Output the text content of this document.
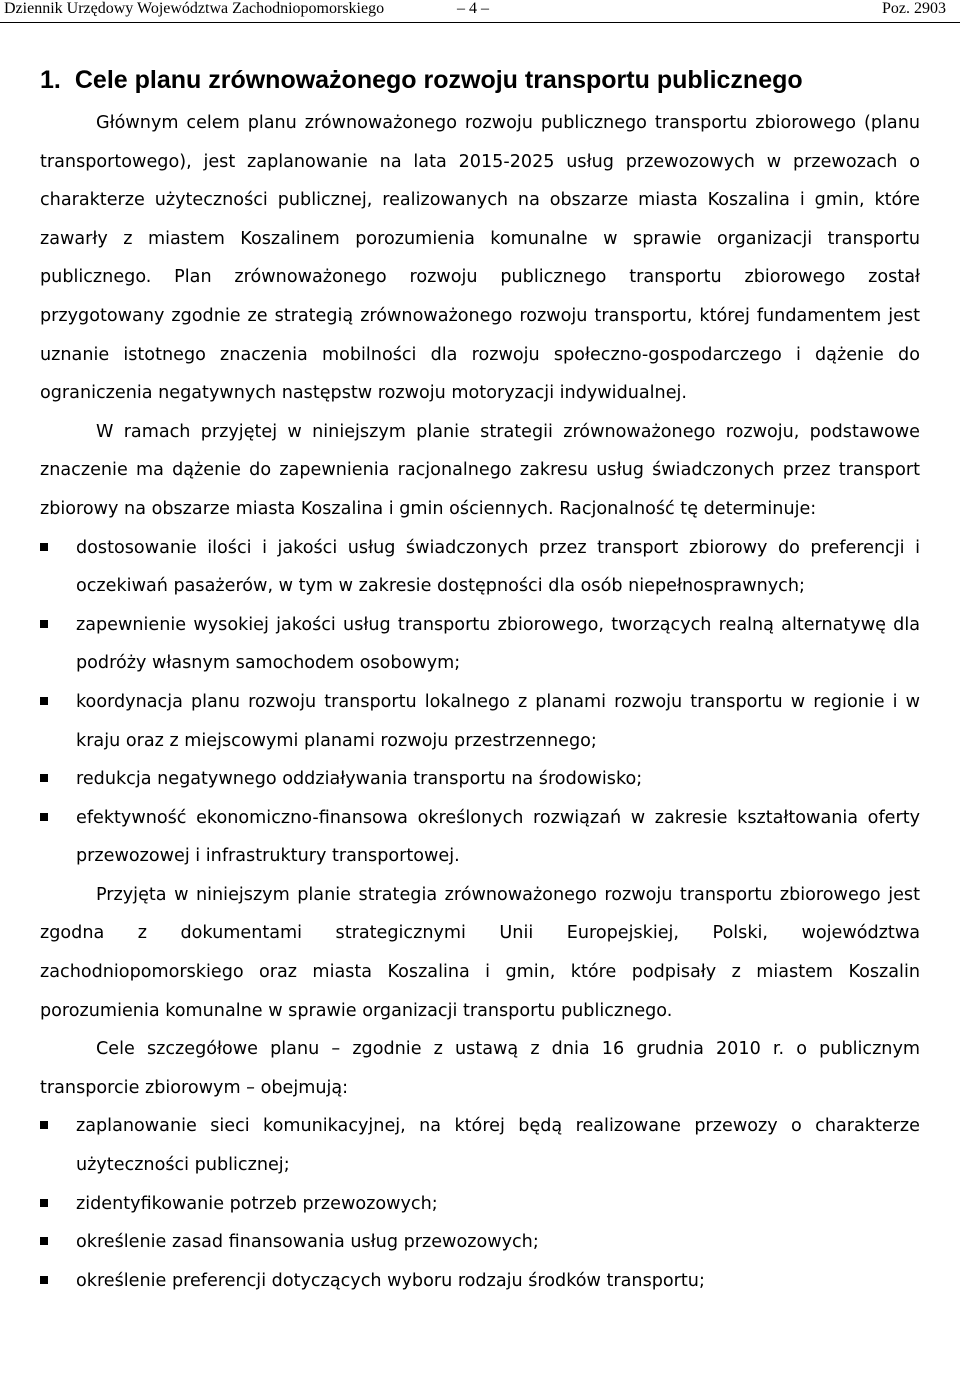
Dziennik Urzędowy Województwa Zachodniopomorskiego	– 4 –	Poz. 2903
1. Cele planu zrównoważonego rozwoju transportu publicznego

Głównym celem planu zrównoważonego rozwoju publicznego transportu zbiorowego (planu transportowego), jest zaplanowanie na lata 2015-2025 usług przewozowych w przewozach o charakterze użyteczności publicznej, realizowanych na obszarze miasta Koszalina i gmin, które zawarły z miastem Koszalinem porozumienia komunalne w sprawie organizacji transportu publicznego. Plan zrównoważonego rozwoju publicznego transportu zbiorowego został przygotowany zgodnie ze strategią zrównoważonego rozwoju transportu, której fundamentem jest uznanie istotnego znaczenia mobilności dla rozwoju społeczno-gospodarczego i dążenie do ograniczenia negatywnych następstw rozwoju motoryzacji indywidualnej.

W ramach przyjętej w niniejszym planie strategii zrównoważonego rozwoju, podstawowe znaczenie ma dążenie do zapewnienia racjonalnego zakresu usług świadczonych przez transport zbiorowy na obszarze miasta Koszalina i gmin ościennych. Racjonalność tę determinuje:

dostosowanie ilości i jakości usług świadczonych przez transport zbiorowy do preferencji i oczekiwań pasażerów, w tym w zakresie dostępności dla osób niepełnosprawnych;
zapewnienie wysokiej jakości usług transportu zbiorowego, tworzących realną alternatywę dla podróży własnym samochodem osobowym;
koordynacja planu rozwoju transportu lokalnego z planami rozwoju transportu w regionie i w kraju oraz z miejscowymi planami rozwoju przestrzennego;
redukcja negatywnego oddziaływania transportu na środowisko;
efektywność ekonomiczno-finansowa określonych rozwiązań w zakresie kształtowania oferty przewozowej i infrastruktury transportowej.

Przyjęta w niniejszym planie strategia zrównoważonego rozwoju transportu zbiorowego jest zgodna z dokumentami strategicznymi Unii Europejskiej, Polski, województwa zachodniopomorskiego oraz miasta Koszalina i gmin, które podpisały z miastem Koszalin porozumienia komunalne w sprawie organizacji transportu publicznego.

Cele szczegółowe planu – zgodnie z ustawą z dnia 16 grudnia 2010 r. o publicznym transporcie zbiorowym – obejmują:

zaplanowanie sieci komunikacyjnej, na której będą realizowane przewozy o charakterze użyteczności publicznej;
zidentyfikowanie potrzeb przewozowych;
określenie zasad finansowania usług przewozowych;
określenie preferencji dotyczących wyboru rodzaju środków transportu;
